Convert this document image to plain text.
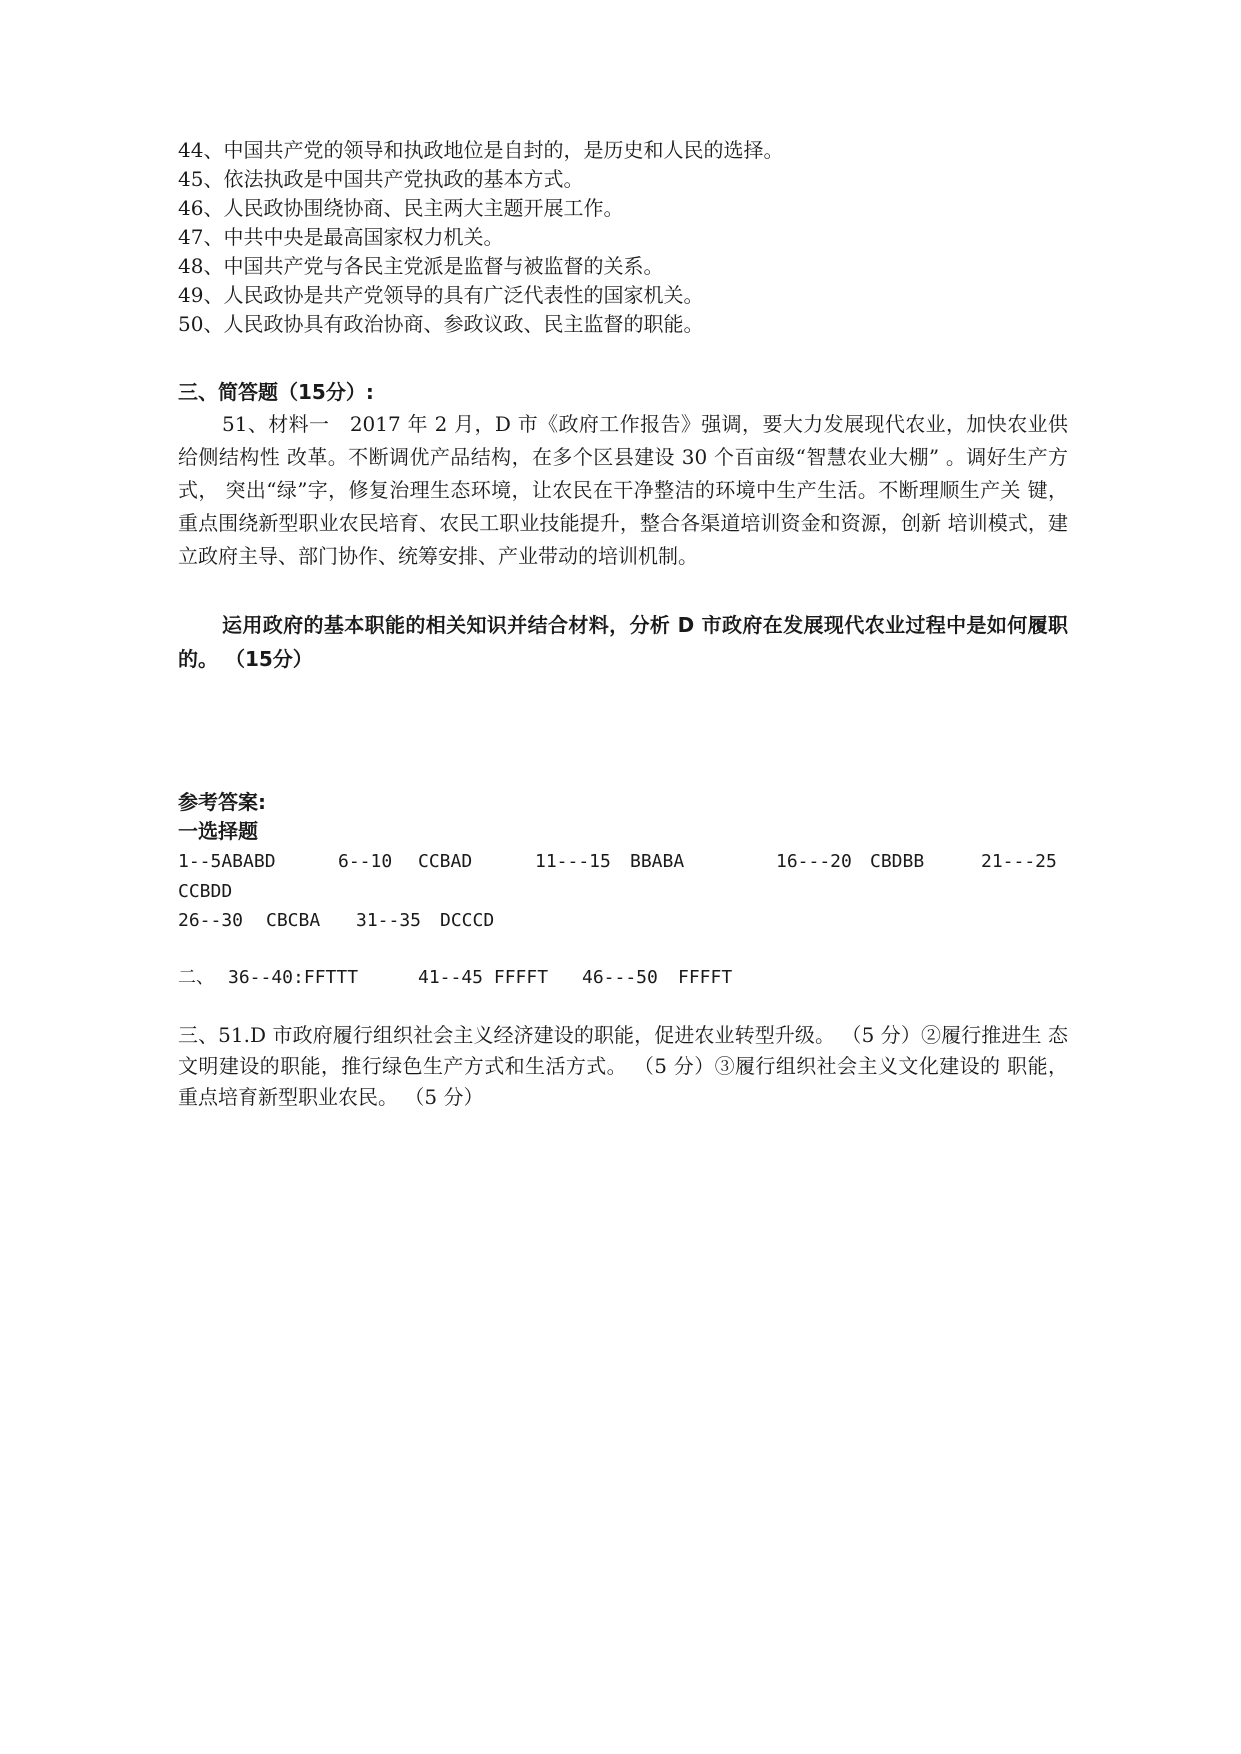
44、中国共产党的领导和执政地位是自封的，是历史和人民的选择。
45、依法执政是中国共产党执政的基本方式。
46、人民政协围绕协商、民主两大主题开展工作。
47、中共中央是最高国家权力机关。
48、中国共产党与各民主党派是监督与被监督的关系。
49、人民政协是共产党领导的具有广泛代表性的国家机关。
50、人民政协具有政治协商、参政议政、民主监督的职能。
三、简答题（15分）:
51、材料一　2017 年 2 月，D 市《政府工作报告》强调，要大力发展现代农业，加快农业供给侧结构性 改革。不断调优产品结构，在多个区县建设 30 个百亩级“智慧农业大棚” 。调好生产方式， 突出“绿”字，修复治理生态环境，让农民在干净整洁的环境中生产生活。不断理顺生产关 键，重点围绕新型职业农民培育、农民工职业技能提升，整合各渠道培训资金和资源，创新 培训模式，建立政府主导、部门协作、统筹安排、产业带动的培训机制。
运用政府的基本职能的相关知识并结合材料，分析 D 市政府在发展现代农业过程中是如何履职的。 （15分）
参考答案:
一选择题
1--5ABABD	6--10 CCBAD	11---15 BBABA	16---20 CBDBB	21---25
CCBDD
26--30 CBCBA 31--35 DCCCD
二、 36--40:FFTTT	41--45 FFFFT 46---50 FFFFT
三、51.D 市政府履行组织社会主义经济建设的职能，促进农业转型升级。 （5 分）②履行推进生 态文明建设的职能，推行绿色生产方式和生活方式。 （5 分）③履行组织社会主义文化建设的 职能，重点培育新型职业农民。 （5 分）
